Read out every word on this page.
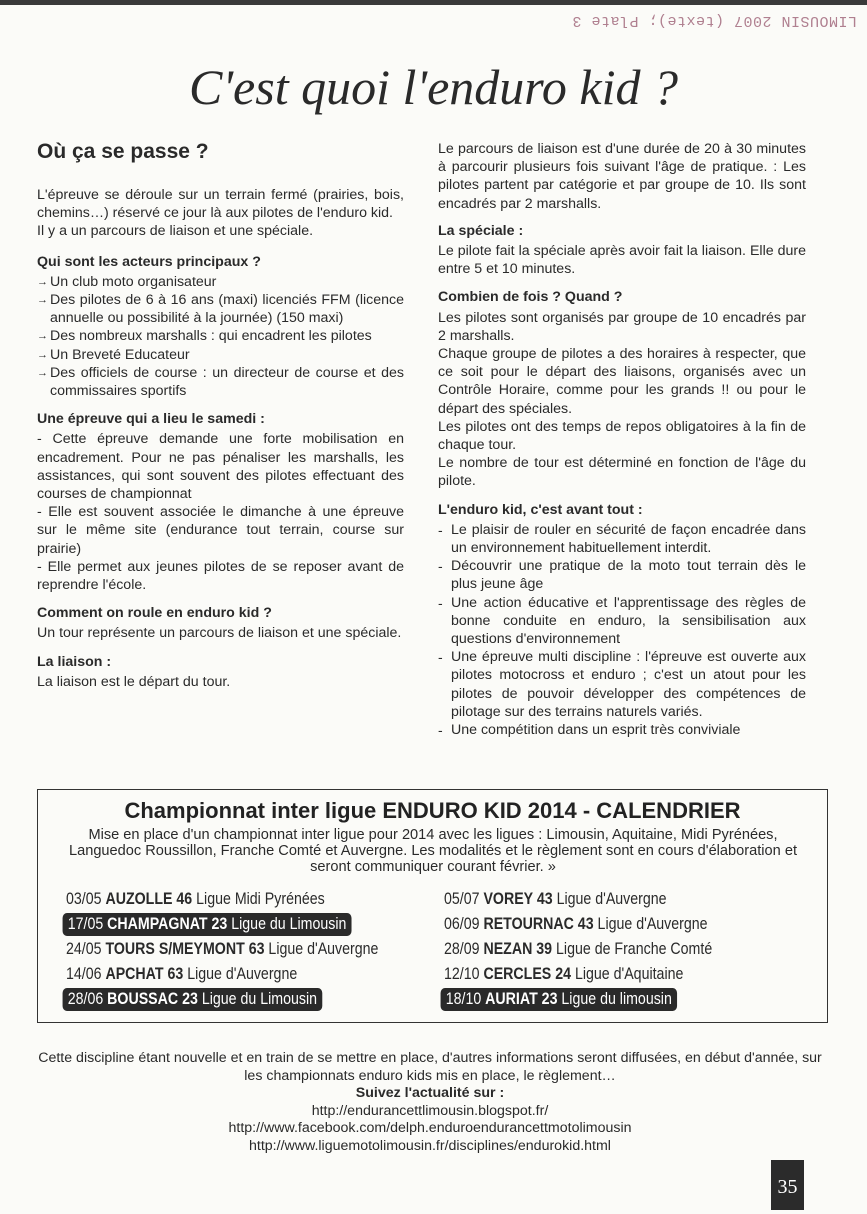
LIMOUSIN 2007 (texte); Plate 3
C'est quoi l'enduro kid ?
Où ça se passe ?

L'épreuve se déroule sur un terrain fermé (prairies, bois, chemins…) réservé ce jour là aux pilotes de l'enduro kid.

Il y a un parcours de liaison et une spéciale.

Qui sont les acteurs principaux ?
→ Un club moto organisateur
→ Des pilotes de 6 à 16 ans (maxi) licenciés FFM (licence annuelle ou possibilité à la journée) (150 maxi)
→ Des nombreux marshalls : qui encadrent les pilotes
→ Un Breveté Educateur
→ Des officiels de course : un directeur de course et des commissaires sportifs
Une épreuve qui a lieu le samedi :

- Cette épreuve demande une forte mobilisation en encadrement. Pour ne pas pénaliser les marshalls, les assistances, qui sont souvent des pilotes effectuant des courses de championnat

- Elle est souvent associée le dimanche à une épreuve sur le même site (endurance tout terrain, course sur prairie)

- Elle permet aux jeunes pilotes de se reposer avant de reprendre l'école.

Comment on roule en enduro kid ?

Un tour représente un parcours de liaison et une spéciale.

La liaison :

La liaison est le départ du tour.

Le parcours de liaison est d'une durée de 20 à 30 minutes à parcourir plusieurs fois suivant l'âge de pratique. : Les pilotes partent par catégorie et par groupe de 10. Ils sont encadrés par 2 marshalls.

La spéciale :

Le pilote fait la spéciale après avoir fait la liaison. Elle dure entre 5 et 10 minutes.

Combien de fois ? Quand ?

Les pilotes sont organisés par groupe de 10 encadrés par 2 marshalls.

Chaque groupe de pilotes a des horaires à respecter, que ce soit pour le départ des liaisons, organisés avec un Contrôle Horaire, comme pour les grands !! ou pour le départ des spéciales.

Les pilotes ont des temps de repos obligatoires à la fin de chaque tour.

Le nombre de tour est déterminé en fonction de l'âge du pilote.

L'enduro kid, c'est avant tout :
- Le plaisir de rouler en sécurité de façon encadrée dans un environnement habituellement interdit.
- Découvrir une pratique de la moto tout terrain dès le plus jeune âge
- Une action éducative et l'apprentissage des règles de bonne conduite en enduro, la sensibilisation aux questions d'environnement
- Une épreuve multi discipline : l'épreuve est ouverte aux pilotes motocross et enduro ; c'est un atout pour les pilotes de pouvoir développer des compétences de pilotage sur des terrains naturels variés.
- Une compétition dans un esprit très conviviale
Championnat inter ligue ENDURO KID 2014 - CALENDRIER
Mise en place d'un championnat inter ligue pour 2014 avec les ligues : Limousin, Aquitaine, Midi Pyrénées, Languedoc Roussillon, Franche Comté et Auvergne. Les modalités et le règlement sont en cours d'élaboration et seront communiquer courant février. »
03/05 AUZOLLE 46 Ligue Midi Pyrénées
17/05 CHAMPAGNAT 23 Ligue du Limousin
24/05 TOURS S/MEYMONT 63 Ligue d'Auvergne
14/06 APCHAT 63 Ligue d'Auvergne
28/06 BOUSSAC 23 Ligue du Limousin
05/07 VOREY 43 Ligue d'Auvergne
06/09 RETOURNAC 43 Ligue d'Auvergne
28/09 NEZAN 39 Ligue de Franche Comté
12/10 CERCLES 24 Ligue d'Aquitaine
18/10 AURIAT 23 Ligue du limousin
Cette discipline étant nouvelle et en train de se mettre en place, d'autres informations seront diffusées, en début d'année, sur les championnats enduro kids mis en place, le règlement…
Suivez l'actualité sur :
http://endurancettlimousin.blogspot.fr/
http://www.facebook.com/delph.enduroendurancettmotolimousin
http://www.liguemotolimousin.fr/disciplines/endurokid.html
35
